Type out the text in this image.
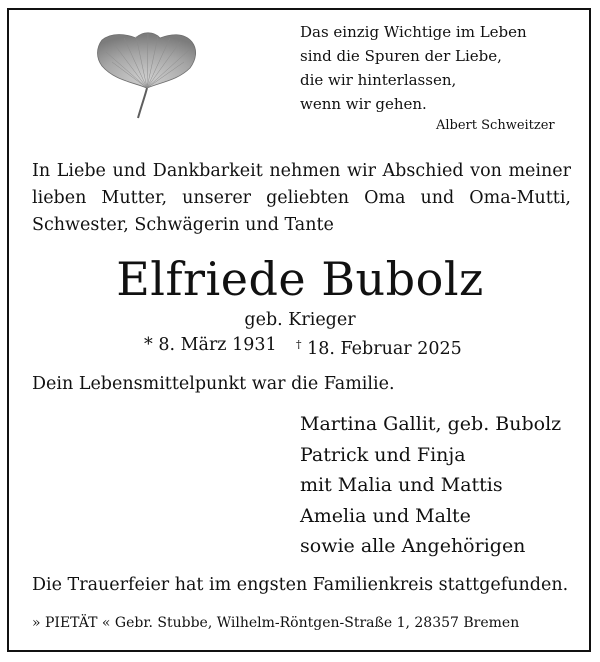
Das einzig Wichtige im Leben
sind die Spuren der Liebe,
die wir hinterlassen,
wenn wir gehen.
Albert Schweitzer
In Liebe und Dankbarkeit nehmen wir Abschied von meiner
lieben Mutter, unserer geliebten Oma und Oma-Mutti,
Schwester, Schwägerin und Tante
Elfriede Bubolz
geb. Krieger
* 8. März 1931 † 18. Februar 2025
Dein Lebensmittelpunkt war die Familie.
Martina Gallit, geb. Bubolz
Patrick und Finja
mit Malia und Mattis
Amelia und Malte
sowie alle Angehörigen
Die Trauerfeier hat im engsten Familienkreis stattgefunden.
» PIETÄT « Gebr. Stubbe, Wilhelm-Röntgen-Straße 1, 28357 Bremen
